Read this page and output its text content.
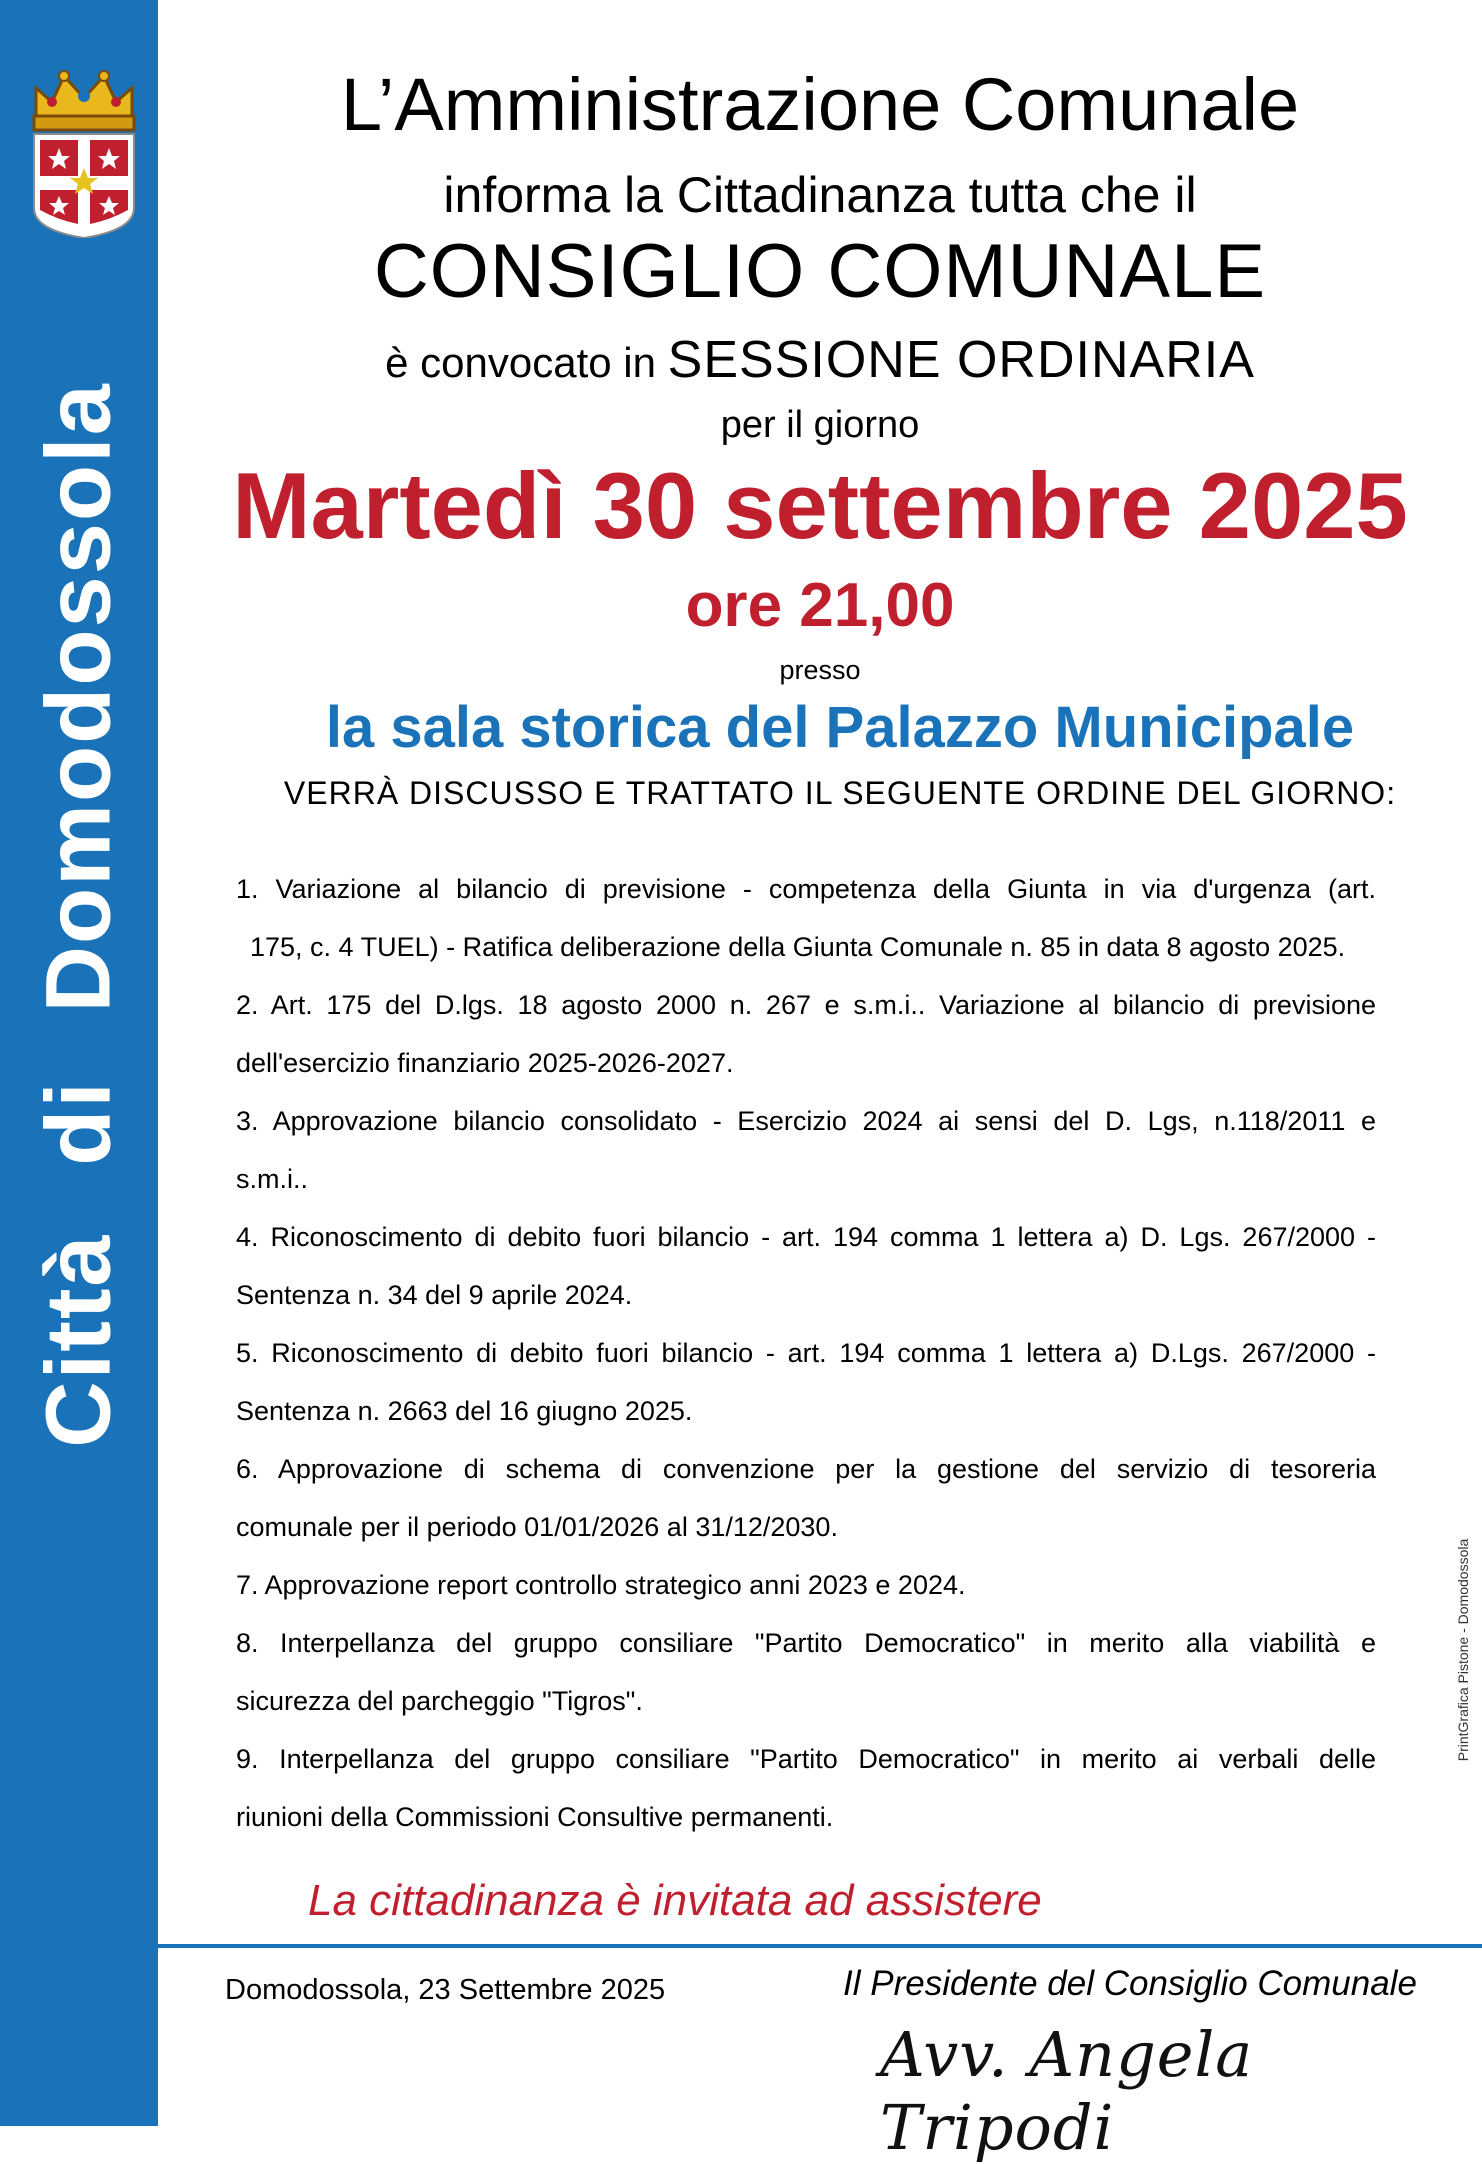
Città di Domodossola
L’Amministrazione Comunale
informa la Cittadinanza tutta che il
CONSIGLIO COMUNALE
è convocato in SESSIONE ORDINARIA
per il giorno
Martedì 30 settembre 2025
ore 21,00
presso
la sala storica del Palazzo Municipale
VERRÀ DISCUSSO E TRATTATO IL SEGUENTE ORDINE DEL GIORNO:
1. Variazione al bilancio di previsione - competenza della Giunta in via d'urgenza (art.
175, c. 4 TUEL) - Ratifica deliberazione della Giunta Comunale n. 85 in data 8 agosto 2025.
2. Art. 175 del D.lgs. 18 agosto 2000 n. 267 e s.m.i.. Variazione al bilancio di previsione
dell'esercizio finanziario 2025-2026-2027.
3. Approvazione bilancio consolidato - Esercizio 2024 ai sensi del D. Lgs, n.118/2011 e
s.m.i..
4. Riconoscimento di debito fuori bilancio - art. 194 comma 1 lettera a) D. Lgs. 267/2000 -
Sentenza n. 34 del 9 aprile 2024.
5. Riconoscimento di debito fuori bilancio - art. 194 comma 1 lettera a) D.Lgs. 267/2000 -
Sentenza n. 2663 del 16 giugno 2025.
6. Approvazione di schema di convenzione per la gestione del servizio di tesoreria
comunale per il periodo 01/01/2026 al 31/12/2030.
7. Approvazione report controllo strategico anni 2023 e 2024.
8. Interpellanza del gruppo consiliare "Partito Democratico" in merito alla viabilità e
sicurezza del parcheggio "Tigros".
9. Interpellanza del gruppo consiliare "Partito Democratico" in merito ai verbali delle
riunioni della Commissioni Consultive permanenti.
La cittadinanza è invitata ad assistere
Domodossola, 23 Settembre 2025	Il Presidente del Consiglio Comunale
Avv. Angela Tripodi
PrintGrafica Pistone - Domodossola
